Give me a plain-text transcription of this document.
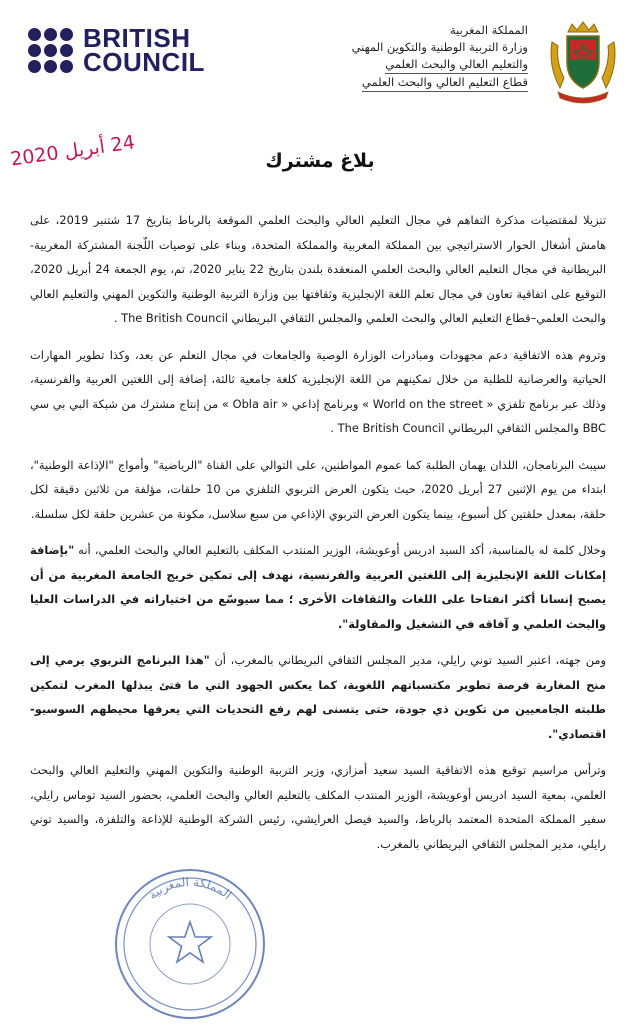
BRITISH
COUNCIL
المملكة المغربية
وزارة التربية الوطنية والتكوين المهني
والتعليم العالي والبحث العلمي
قطاع التعليم العالي والبحث العلمي
24 أبريل 2020
بلاغ مشترك

تنزيلا لمقتضيات مذكرة التفاهم في مجال التعليم العالي والبحث العلمي الموقعة بالرباط بتاريخ 17 شتنبر 2019، على هامش أشغال الحوار الاستراتيجي بين المملكة المغربية والمملكة المتحدة، وبناء على توصيات اللّجنة المشتركة المغربية-البريطانية في مجال التعليم العالي والبحث العلمي المنعقدة بلندن بتاريخ 22 يناير 2020، تم، يوم الجمعة 24 أبريل 2020، التوقيع على اتفاقية تعاون في مجال تعلم اللغة الإنجليزية وثقافتها بين وزارة التربية الوطنية والتكوين المهني والتعليم العالي والبحث العلمي–قطاع التعليم العالي والبحث العلمي والمجلس الثقافي البريطاني The British Council .

وتروم هذه الاتفاقية دعم مجهودات ومبادرات الوزارة الوصية والجامعات في مجال التعلم عن بعد، وكذا تطوير المهارات الحياتية والعرضانية للطلبة من خلال تمكينهم من اللغة الإنجليزية كلغة جامعية ثالثة، إضافة إلى اللغتين العربية والفرنسية، وذلك عبر برنامج تلفزي « World on the street » وبرنامج إذاعي « Obla air » من إنتاج مشترك من شبكة البي بي سي BBC والمجلس الثقافي البريطاني The British Council .

سيبث البرنامجان، اللذان يهمان الطلبة كما عموم المواطنين، على التوالي على القناة "الرياضية" وأمواج "الإذاعة الوطنية"، ابتداء من يوم الإثنين 27 أبريل 2020، حيث يتكون العرض التربوي التلفزي من 10 حلقات، مؤلفة من ثلاثين دقيقة لكل حلقة، بمعدل حلقتين كل أسبوع، بينما يتكون العرض التربوي الإذاعي من سبع سلاسل، مكونة من عشرين حلقة لكل سلسلة.

وخلال كلمة له بالمناسبة، أكد السيد ادريس أوعويشة، الوزير المنتدب المكلف بالتعليم العالي والبحث العلمي، أنه "بإضافة إمكانات اللغة الإنجليزية إلى اللغتين العربية والفرنسية، نهدف إلى تمكين خريج الجامعة المغربية من أن يصبح إنسانا أكثر انفتاحا على اللغات والثقافات الأخرى ؛ مما سيوسّع من اختياراته في الدراسات العليا والبحث العلمي و آفاقه في التشغيل والمقاولة".

ومن جهته، اعتبر السيد توني رايلي، مدير المجلس الثقافي البريطاني بالمغرب، أن "هذا البرنامج التربوي يرمي إلى منح المغاربة فرصة تطوير مكتسباتهم اللغوية، كما يعكس الجهود التي ما فتئ يبذلها المغرب لتمكين طلبته الجامعيين من تكوين ذي جودة، حتى يتسنى لهم رفع التحديات التي يعرفها محيطهم السوسيو-اقتصادي".

وترأس مراسيم توقيع هذه الاتفاقية السيد سعيد أمزازي، وزير التربية الوطنية والتكوين المهني والتعليم العالي والبحث العلمي، بمعية السيد ادريس أوعويشة، الوزير المنتدب المكلف بالتعليم العالي والبحث العلمي، بحضور السيد توماس رايلي، سفير المملكة المتحدة المعتمد بالرباط، والسيد فيصل العرايشي، رئيس الشركة الوطنية للإذاعة والتلفزة، والسيد توني رايلي، مدير المجلس الثقافي البريطاني بالمغرب.

المملكة المغربية
